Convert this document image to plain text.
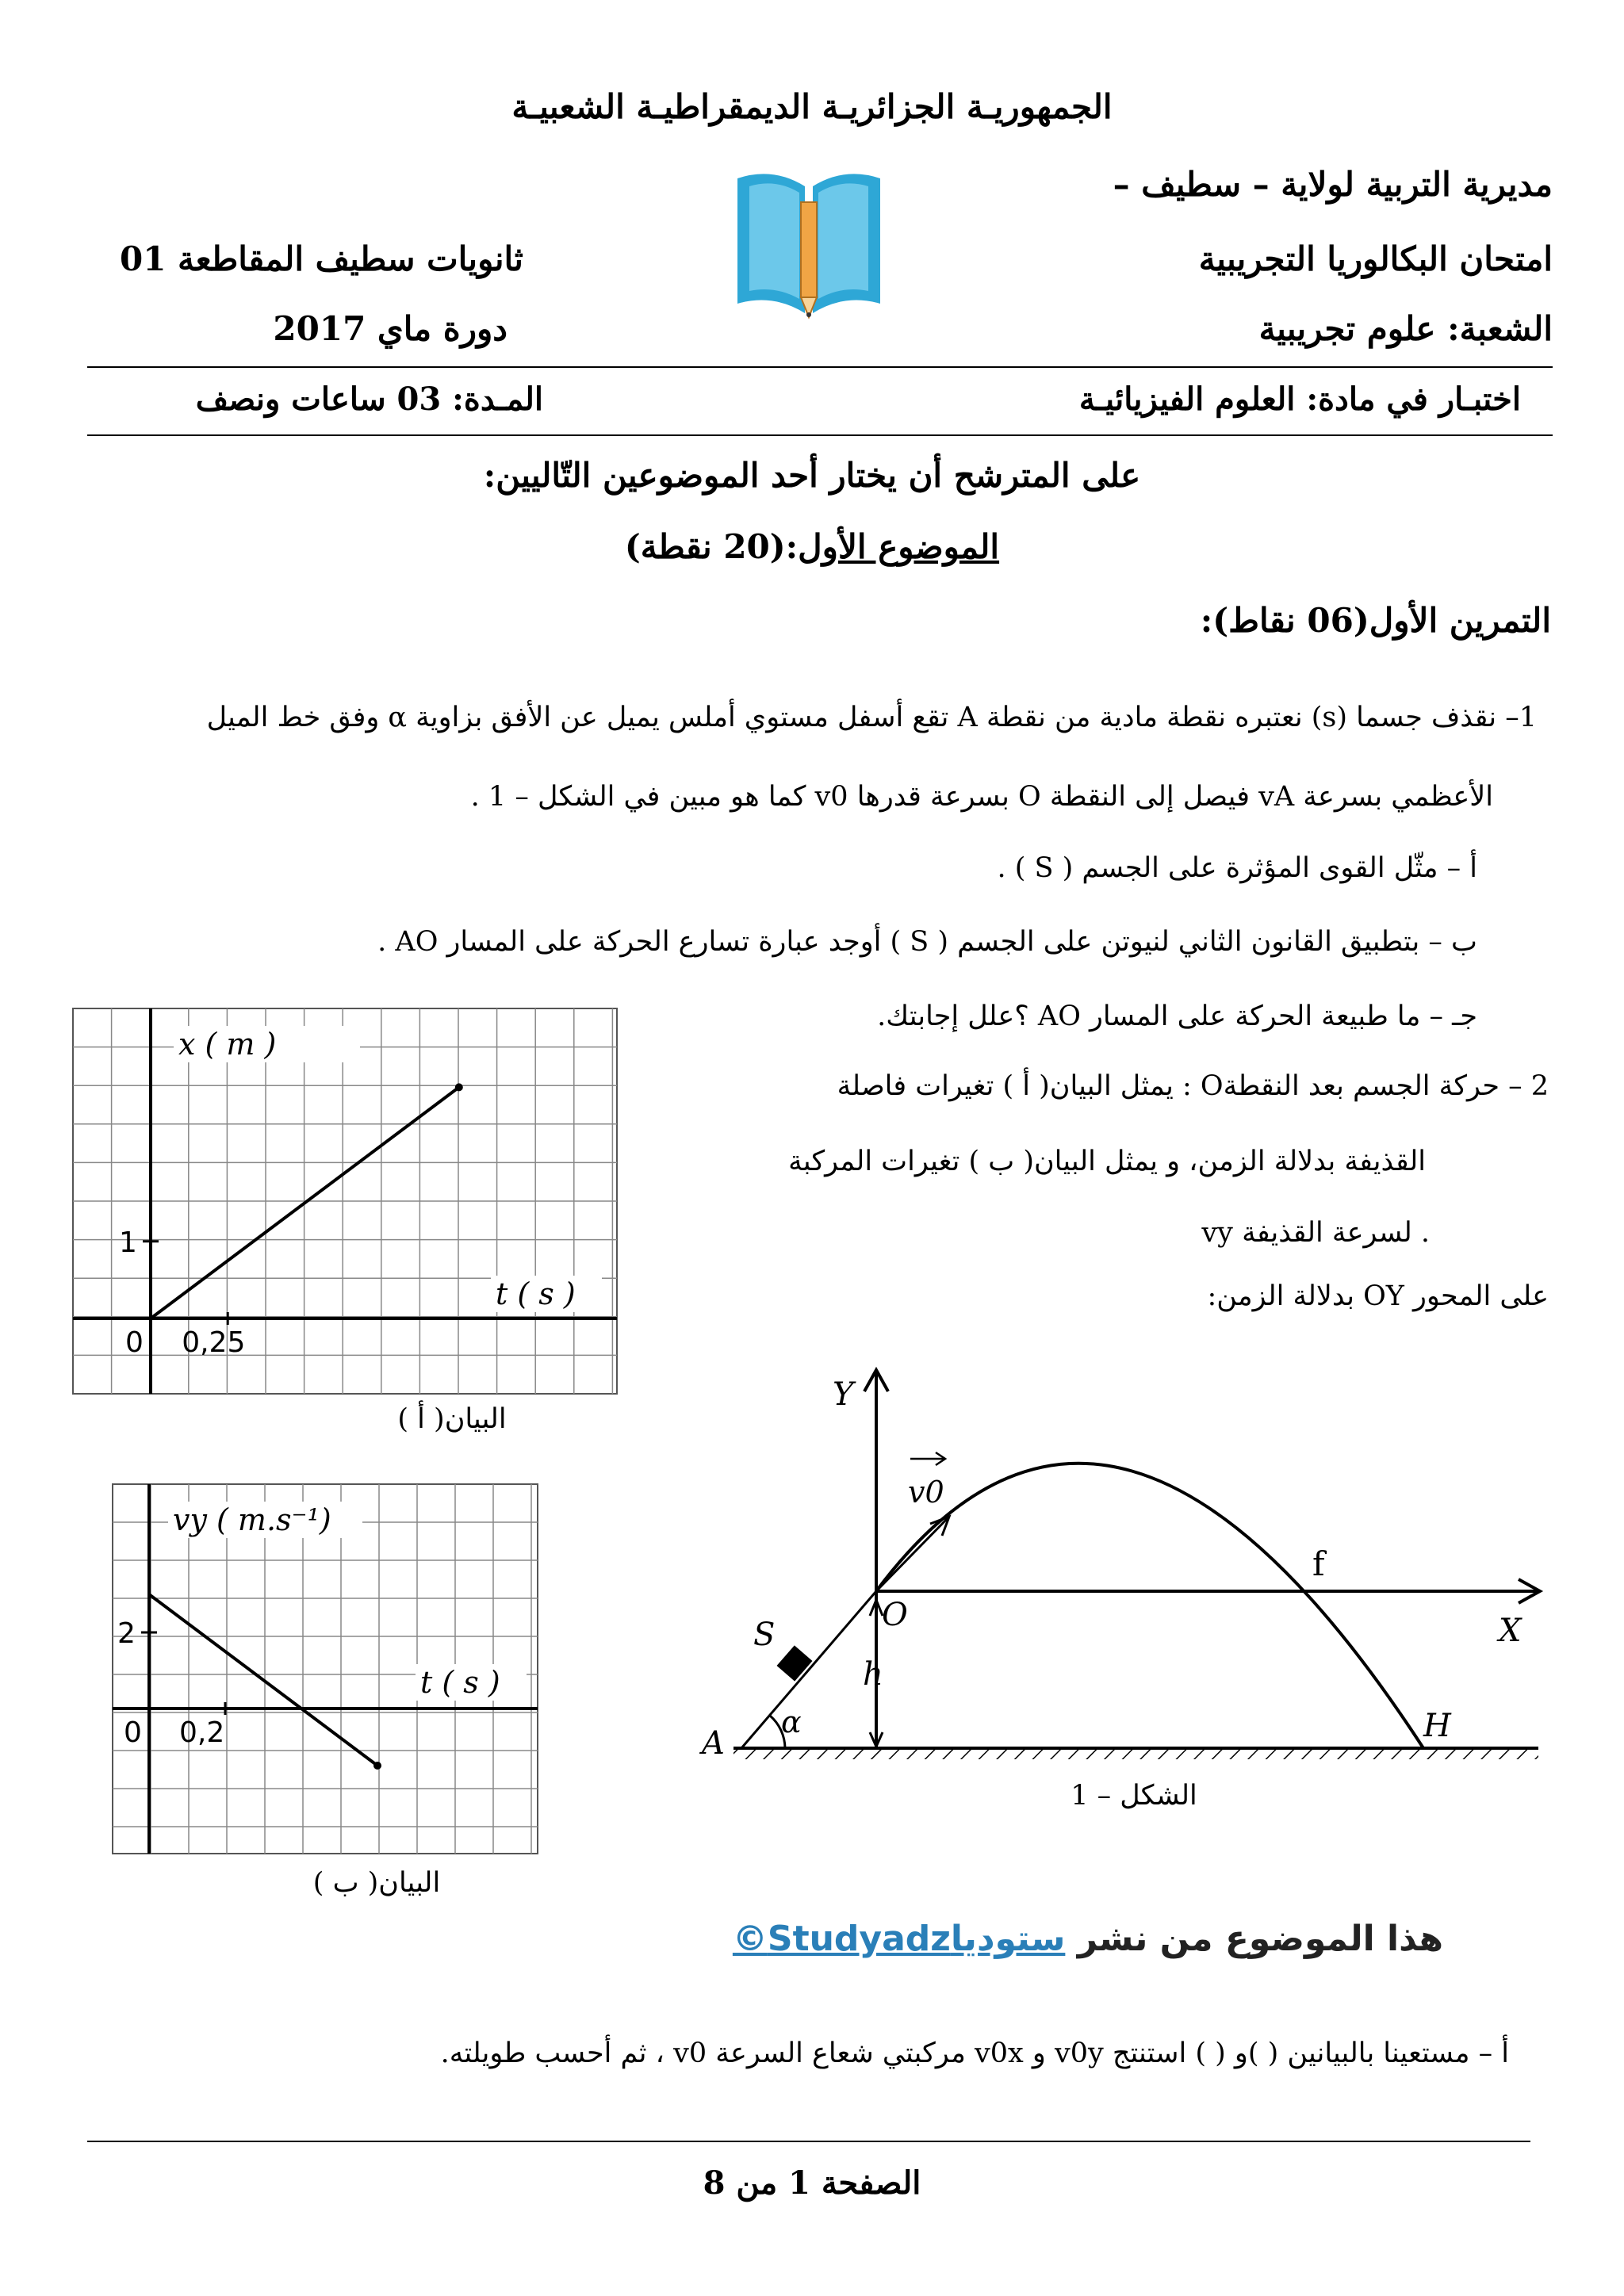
الجمهوريـة الجزائريـة الديمقراطيـة الشعبيـة
مديرية التربية لولاية – سطيف –
امتحان البكالوريا التجريبية
الشعبة: علوم تجريبية
ثانويات سطيف المقاطعة 01
دورة ماي 2017
اختبـار في مادة: العلوم الفيزيائيـة
المـدة: 03 ساعات ونصف
على المترشح أن يختار أحد الموضوعين التّاليين:
الموضوع الأول:(20 نقطة)
التمرين الأول(06 نقاط):
1– نقذف جسما (s) نعتبره نقطة مادية من نقطة A تقع أسفل مستوي أملس يميل عن الأفق بزاوية α وفق خط الميل
الأعظمي بسرعة vA فيصل إلى النقطة O بسرعة قدرها v0 كما هو مبين في الشكل – 1 .
أ – مثّل القوى المؤثرة على الجسم ( S ) .
ب – بتطبيق القانون الثاني لنيوتن على الجسم ( S ) أوجد عبارة تسارع الحركة على المسار AO .
جـ – ما طبيعة الحركة على المسار AO ؟علل إجابتك.
2 – حركة الجسم بعد النقطةO : يمثل البيان( أ ) تغيرات فاصلة
القذيفة بدلالة الزمن، و يمثل البيان( ب ) تغيرات المركبة
vy لسرعة القذيفة .
على المحور OY بدلالة الزمن:
x ( m )
t ( s )
0 0,25
1
البيان( أ )
vy ( m.s⁻¹)
t ( s )
0 0,2
2
البيان( ب )
Y
v0
f
O	X
S
h
A
α	H
الشكل – 1
هذا الموضوع من نشر ستودياStudyadz©
أ – مستعينا بالبيانين ( )و ( ) استنتج v0y و v0x مركبتي شعاع السرعة v0 ، ثم أحسب طويلته.
الصفحة 1 من 8
